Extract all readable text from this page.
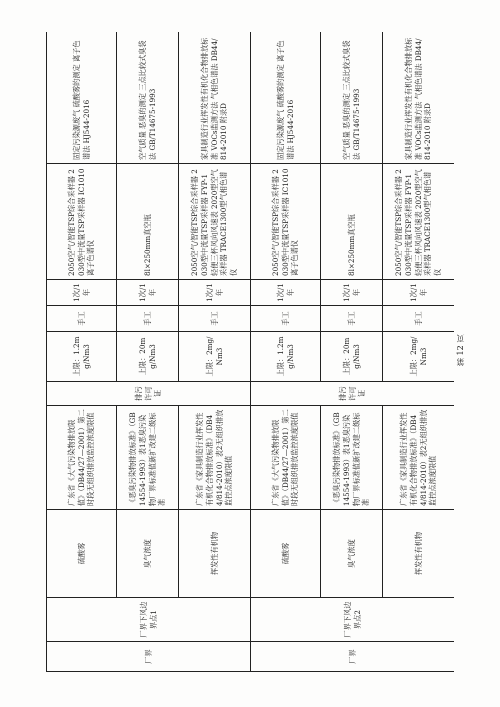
厂界	厂界下风边界点1	硫酸雾	广东省《大气污染物排放限值》（DB44/27—2001）第二时段无组织排放监控浓度限值	排污许可证	上限：1.2mg/Nm3	手工	1次/1年	2050空气/智能TSP综合采样器 2030型中流量TSP采样器 IC1010离子色谱仪	固定污染源废气 硫酸雾的测定 离子色谱法 HJ544-2016
		臭气浓度	《恶臭污染物排放标准》（GB14554-1993）表1恶臭污染物厂界标准值新扩改建二级标准		上限：20mg/Nm3	手工	1次/1年	8l×250mm真空瓶	空气质量 恶臭的测定 三点比较式臭袋法 GB/T14675-1993
		挥发性有机物	广东省《家具制造行业挥发性有机化合物排放标准》（DB44/814-2010）表2无组织排放监控点浓度限值		上限：2mg/Nm3	手工	1次/1年	2050空气/智能TSP综合采样器 2030型中流量TSP采样器 FYP-1轻便三杯风向风速表 2020型空气采样器 TRACE1300型气相色谱仪	家具制造行业挥发性有机化合物排放标准 VOCs监测方法 气相色谱法 DB44/814-2010 附录D
厂界	厂界下风边界点2	硫酸雾	广东省《大气污染物排放限值》（DB44/27—2001）第二时段无组织排放监控浓度限值	排污许可证	上限：1.2mg/Nm3	手工	1次/1年	2050空气/智能TSP综合采样器 2030型中流量TSP采样器 IC1010离子色谱仪	固定污染源废气 硫酸雾的测定 离子色谱法 HJ544-2016
		臭气浓度	《恶臭污染物排放标准》（GB14554-1993）表1恶臭污染物厂界标准值新扩改建二级标准		上限：20mg/Nm3	手工	1次/1年	8l×250mm真空瓶	空气质量 恶臭的测定 三点比较式臭袋法 GB/T14675-1993
		挥发性有机物	广东省《家具制造行业挥发性有机化合物排放标准》（DB44/814-2010）表2无组织排放监控点浓度限值		上限：2mg/Nm3	手工	1次/1年	2050空气/智能TSP综合采样器 2030型中流量TSP采样器 FYP-1轻便三杯风向风速表 2020型空气采样器 TRACE1300型气相色谱仪	家具制造行业挥发性有机化合物排放标准 VOCs监测方法 气相色谱法 DB44/814-2010 附录D
第 12 页
